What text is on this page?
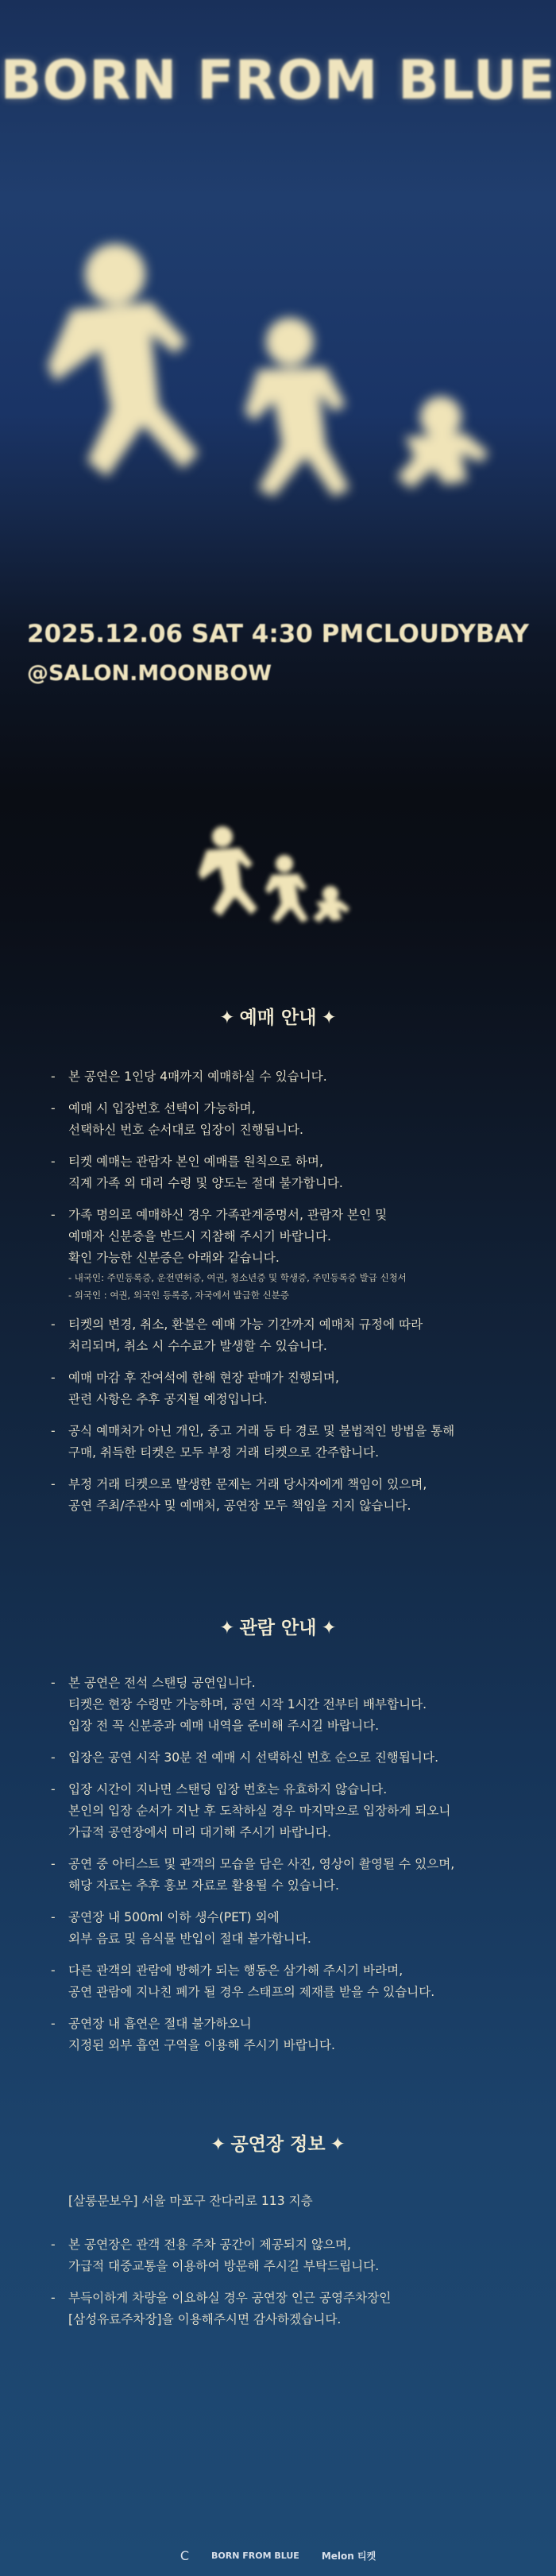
BORN FROM BLUE
2025.12.06 SAT 4:30 PM CLOUDYBAY
@SALON.MOONBOW
✦ 예매 안내 ✦
- 본 공연은 1인당 4매까지 예매하실 수 있습니다.
- 예매 시 입장번호 선택이 가능하며,
선택하신 번호 순서대로 입장이 진행됩니다.
- 티켓 예매는 관람자 본인 예매를 원칙으로 하며,
직계 가족 외 대리 수령 및 양도는 절대 불가합니다.
- 가족 명의로 예매하신 경우 가족관계증명서, 관람자 본인 및
예매자 신분증을 반드시 지참해 주시기 바랍니다.
확인 가능한 신분증은 아래와 같습니다.
- 내국인: 주민등록증, 운전면허증, 여권, 청소년증 및 학생증, 주민등록증 발급 신청서
- 외국인 : 여권, 외국인 등록증, 자국에서 발급한 신분증
- 티켓의 변경, 취소, 환불은 예매 가능 기간까지 예매처 규정에 따라
처리되며, 취소 시 수수료가 발생할 수 있습니다.
- 예매 마감 후 잔여석에 한해 현장 판매가 진행되며,
관련 사항은 추후 공지될 예정입니다.
- 공식 예매처가 아닌 개인, 중고 거래 등 타 경로 및 불법적인 방법을 통해
구매, 취득한 티켓은 모두 부정 거래 티켓으로 간주합니다.
- 부정 거래 티켓으로 발생한 문제는 거래 당사자에게 책임이 있으며,
공연 주최/주관사 및 예매처, 공연장 모두 책임을 지지 않습니다.
✦ 관람 안내 ✦
- 본 공연은 전석 스탠딩 공연입니다.
티켓은 현장 수령만 가능하며, 공연 시작 1시간 전부터 배부합니다.
입장 전 꼭 신분증과 예매 내역을 준비해 주시길 바랍니다.
- 입장은 공연 시작 30분 전 예매 시 선택하신 번호 순으로 진행됩니다.
- 입장 시간이 지나면 스탠딩 입장 번호는 유효하지 않습니다.
본인의 입장 순서가 지난 후 도착하실 경우 마지막으로 입장하게 되오니
가급적 공연장에서 미리 대기해 주시기 바랍니다.
- 공연 중 아티스트 및 관객의 모습을 담은 사진, 영상이 촬영될 수 있으며,
해당 자료는 추후 홍보 자료로 활용될 수 있습니다.
- 공연장 내 500ml 이하 생수(PET) 외에
외부 음료 및 음식물 반입이 절대 불가합니다.
- 다른 관객의 관람에 방해가 되는 행동은 삼가해 주시기 바라며,
공연 관람에 지나친 폐가 될 경우 스태프의 제재를 받을 수 있습니다.
- 공연장 내 흡연은 절대 불가하오니
지정된 외부 흡연 구역을 이용해 주시기 바랍니다.
✦ 공연장 정보 ✦
[살롱문보우] 서울 마포구 잔다리로 113 지층
- 본 공연장은 관객 전용 주차 공간이 제공되지 않으며,
가급적 대중교통을 이용하여 방문해 주시길 부탁드립니다.
- 부득이하게 차량을 이요하실 경우 공연장 인근 공영주차장인
[삼성유료주차장]을 이용해주시면 감사하겠습니다.
C	BORN FROM BLUE Melon 티켓
